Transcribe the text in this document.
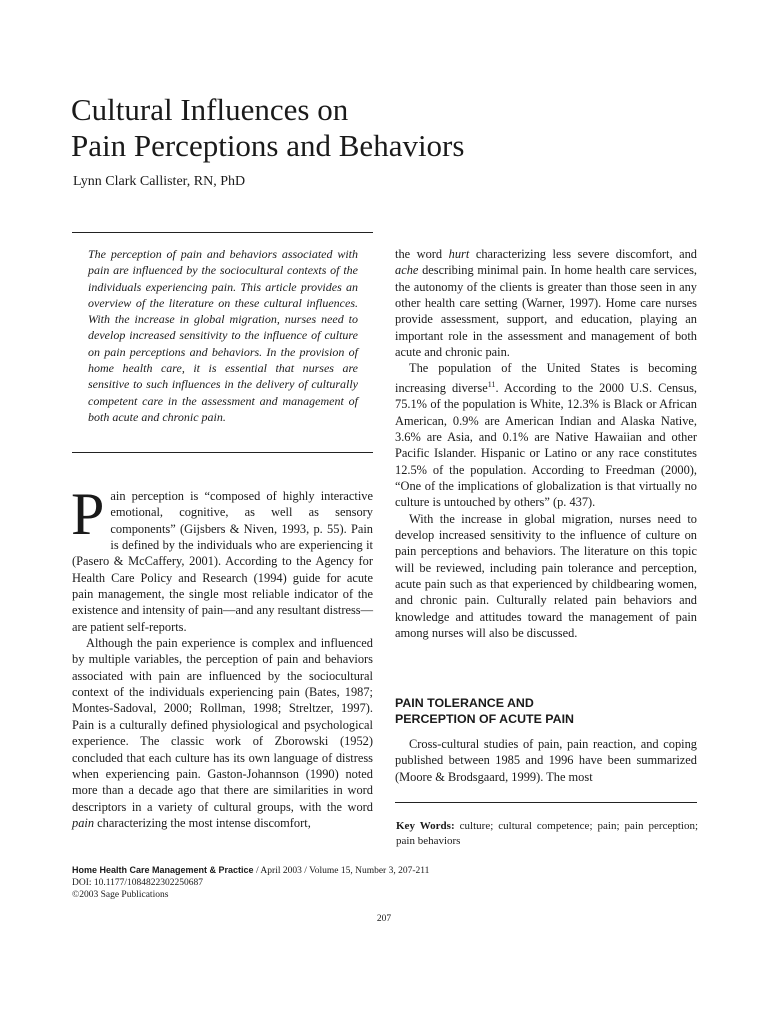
Cultural Influences on
Pain Perceptions and Behaviors
Lynn Clark Callister, RN, PhD

The perception of pain and behaviors associated with pain are influenced by the sociocultural contexts of the individuals experiencing pain. This article provides an overview of the literature on these cultural influences. With the increase in global migration, nurses need to develop increased sensitivity to the influence of culture on pain perceptions and behaviors. In the provision of home health care, it is essential that nurses are sensitive to such influences in the delivery of culturally competent care in the assessment and management of both acute and chronic pain.

Pain perception is “composed of highly interactive emotional, cognitive, as well as sensory components” (Gijsbers & Niven, 1993, p. 55). Pain is defined by the individuals who are experiencing it (Pasero & McCaffery, 2001). According to the Agency for Health Care Policy and Research (1994) guide for acute pain management, the single most reliable indicator of the existence and intensity of pain—and any resultant distress—are patient self-reports.

Although the pain experience is complex and influenced by multiple variables, the perception of pain and behaviors associated with pain are influenced by the sociocultural context of the individuals experiencing pain (Bates, 1987; Montes-Sadoval, 2000; Rollman, 1998; Streltzer, 1997). Pain is a culturally defined physiological and psychological experience. The classic work of Zborowski (1952) concluded that each culture has its own language of distress when experiencing pain. Gaston-Johannson (1990) noted more than a decade ago that there are similarities in word descriptors in a variety of cultural groups, with the word pain characterizing the most intense discomfort,

the word hurt characterizing less severe discomfort, and ache describing minimal pain. In home health care services, the autonomy of the clients is greater than those seen in any other health care setting (Warner, 1997). Home care nurses provide assessment, support, and education, playing an important role in the assessment and management of both acute and chronic pain.

The population of the United States is becoming increasing diverse$^{11}$. According to the 2000 U.S. Census, 75.1% of the population is White, 12.3% is Black or African American, 0.9% are American Indian and Alaska Native, 3.6% are Asia, and 0.1% are Native Hawaiian and other Pacific Islander. Hispanic or Latino or any race constitutes 12.5% of the population. According to Freedman (2000), “One of the implications of globalization is that virtually no culture is untouched by others” (p. 437).

With the increase in global migration, nurses need to develop increased sensitivity to the influence of culture on pain perceptions and behaviors. The literature on this topic will be reviewed, including pain tolerance and perception, acute pain such as that experienced by childbearing women, and chronic pain. Culturally related pain behaviors and knowledge and attitudes toward the management of pain among nurses will also be discussed.

PAIN TOLERANCE AND
PERCEPTION OF ACUTE PAIN

Cross-cultural studies of pain, pain reaction, and coping published between 1985 and 1996 have been summarized (Moore & Brodsgaard, 1999). The most

Key Words: culture; cultural competence; pain; pain perception; pain behaviors
Home Health Care Management & Practice / April 2003 / Volume 15, Number 3, 207-211
DOI: 10.1177/1084822302250687
©2003 Sage Publications
207
